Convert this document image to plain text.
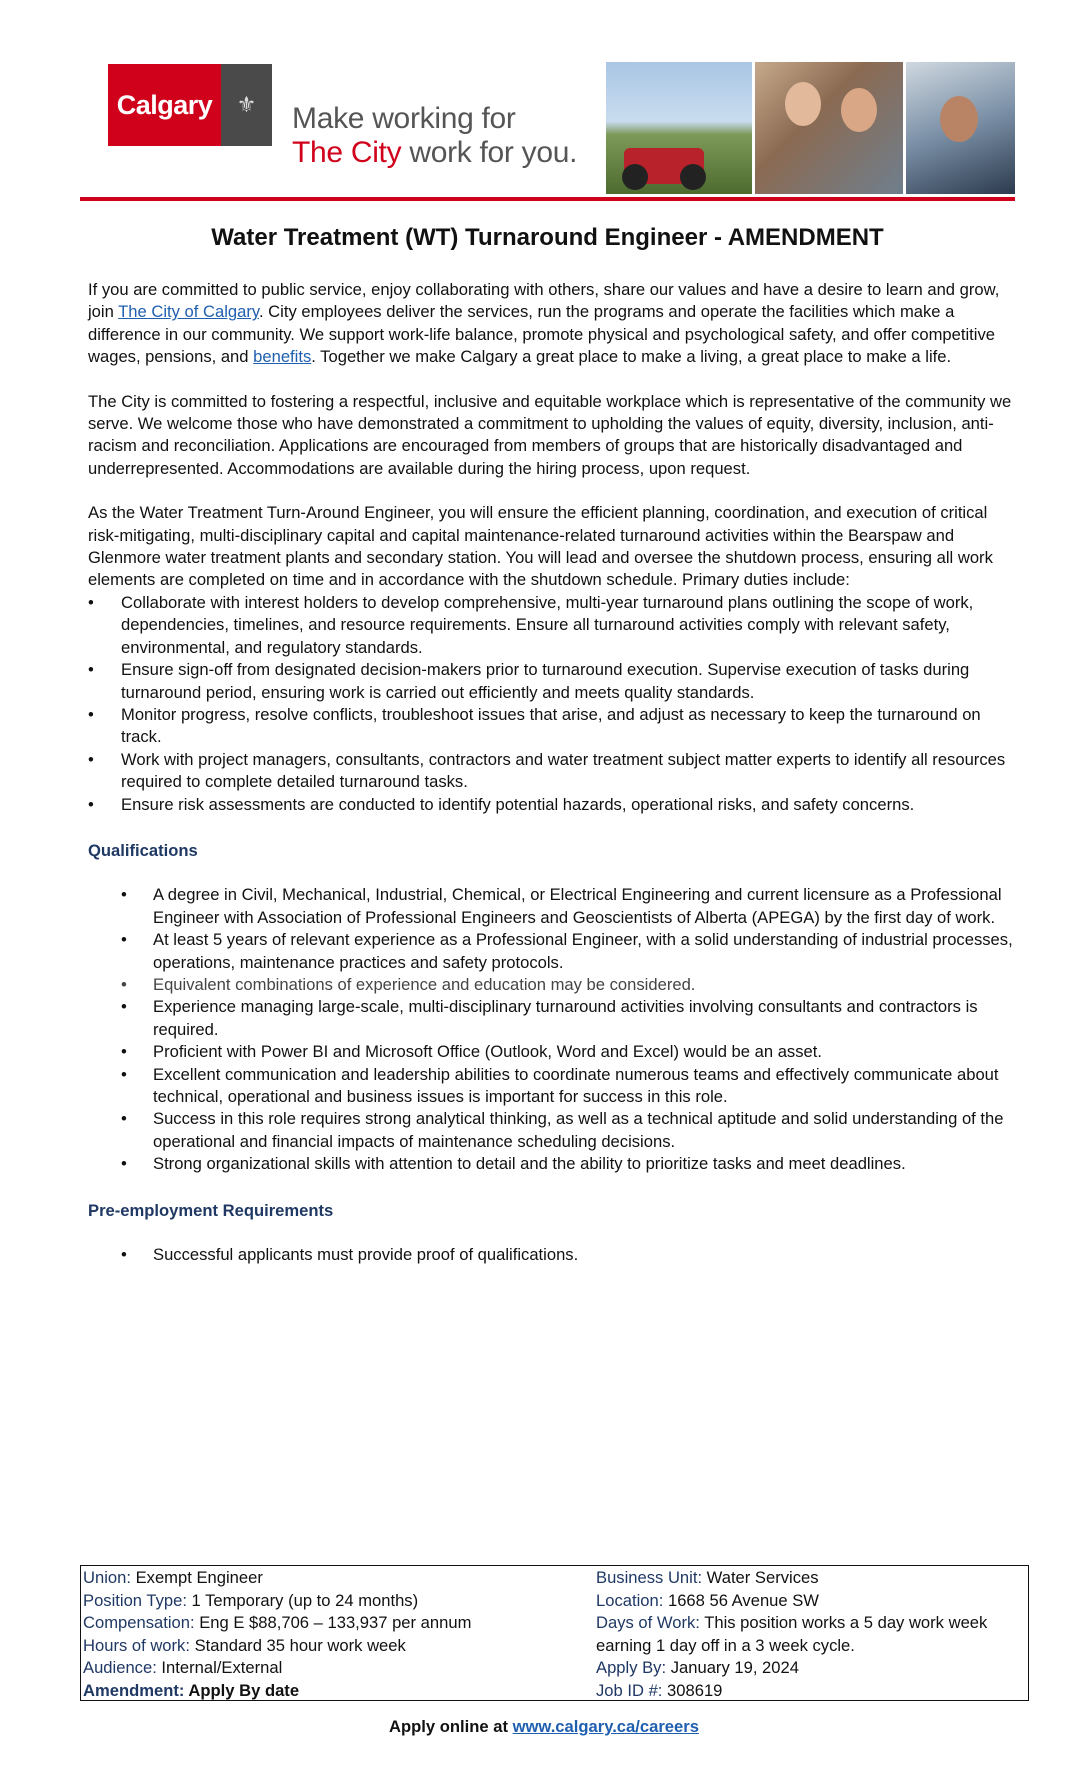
Calgary	⚜	Make working for
The City work for you.
Water Treatment (WT) Turnaround Engineer - AMENDMENT

If you are committed to public service, enjoy collaborating with others, share our values and have a desire to learn and grow, join The City of Calgary. City employees deliver the services, run the programs and operate the facilities which make a difference in our community. We support work-life balance, promote physical and psychological safety, and offer competitive wages, pensions, and benefits. Together we make Calgary a great place to make a living, a great place to make a life.

The City is committed to fostering a respectful, inclusive and equitable workplace which is representative of the community we serve. We welcome those who have demonstrated a commitment to upholding the values of equity, diversity, inclusion, anti-racism and reconciliation. Applications are encouraged from members of groups that are historically disadvantaged and underrepresented. Accommodations are available during the hiring process, upon request.

As the Water Treatment Turn-Around Engineer, you will ensure the efficient planning, coordination, and execution of critical risk-mitigating, multi-disciplinary capital and capital maintenance-related turnaround activities within the Bearspaw and Glenmore water treatment plants and secondary station. You will lead and oversee the shutdown process, ensuring all work elements are completed on time and in accordance with the shutdown schedule. Primary duties include:

• Collaborate with interest holders to develop comprehensive, multi-year turnaround plans outlining the scope of work, dependencies, timelines, and resource requirements. Ensure all turnaround activities comply with relevant safety, environmental, and regulatory standards.
• Ensure sign-off from designated decision-makers prior to turnaround execution. Supervise execution of tasks during turnaround period, ensuring work is carried out efficiently and meets quality standards.
• Monitor progress, resolve conflicts, troubleshoot issues that arise, and adjust as necessary to keep the turnaround on track.
• Work with project managers, consultants, contractors and water treatment subject matter experts to identify all resources required to complete detailed turnaround tasks.
• Ensure risk assessments are conducted to identify potential hazards, operational risks, and safety concerns.
Qualifications
• A degree in Civil, Mechanical, Industrial, Chemical, or Electrical Engineering and current licensure as a Professional Engineer with Association of Professional Engineers and Geoscientists of Alberta (APEGA) by the first day of work.
• At least 5 years of relevant experience as a Professional Engineer, with a solid understanding of industrial processes, operations, maintenance practices and safety protocols.
• Equivalent combinations of experience and education may be considered.
• Experience managing large-scale, multi-disciplinary turnaround activities involving consultants and contractors is required.
• Proficient with Power BI and Microsoft Office (Outlook, Word and Excel) would be an asset.
• Excellent communication and leadership abilities to coordinate numerous teams and effectively communicate about technical, operational and business issues is important for success in this role.
• Success in this role requires strong analytical thinking, as well as a technical aptitude and solid understanding of the operational and financial impacts of maintenance scheduling decisions.
• Strong organizational skills with attention to detail and the ability to prioritize tasks and meet deadlines.
Pre-employment Requirements
• Successful applicants must provide proof of qualifications.
Union: Exempt Engineer
Position Type: 1 Temporary (up to 24 months)
Compensation: Eng E $88,706 – 133,937 per annum
Hours of work: Standard 35 hour work week
Audience: Internal/External
Amendment: Apply By date
Business Unit: Water Services
Location: 1668 56 Avenue SW
Days of Work: This position works a 5 day work week earning 1 day off in a 3 week cycle.
Apply By: January 19, 2024
Job ID #: 308619
Apply online at www.calgary.ca/careers
